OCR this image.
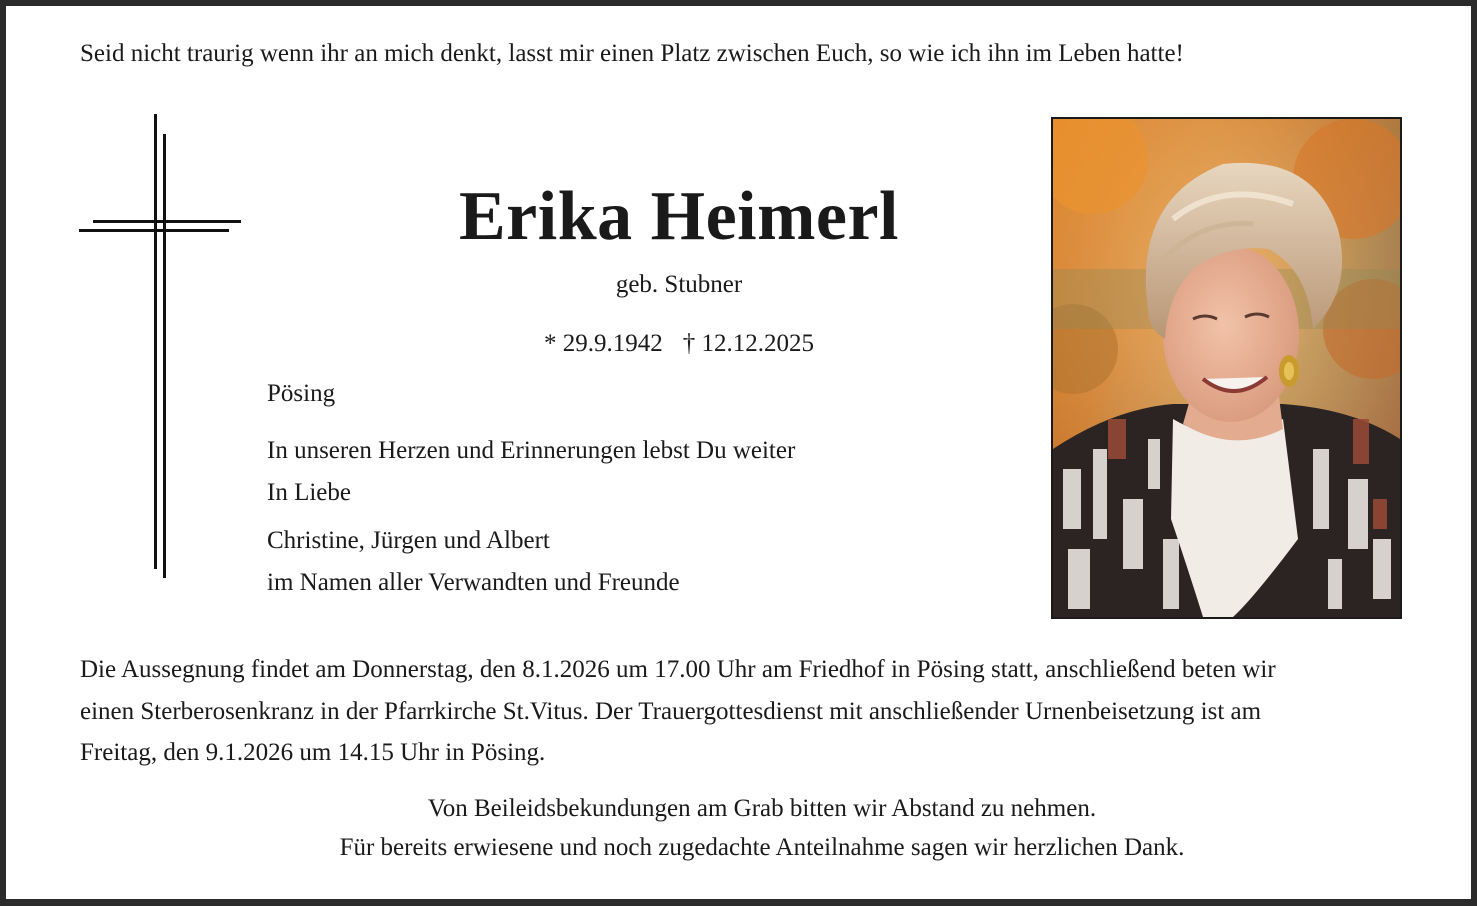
Seid nicht traurig wenn ihr an mich denkt, lasst mir einen Platz zwischen Euch, so wie ich ihn im Leben hatte!
Erika Heimerl
geb. Stubner
* 29.9.1942 † 12.12.2025
Pösing
In unseren Herzen und Erinnerungen lebst Du weiter
In Liebe
Christine, Jürgen und Albert
im Namen aller Verwandten und Freunde
Die Aussegnung findet am Donnerstag, den 8.1.2026 um 17.00 Uhr am Friedhof in Pösing statt, anschließend beten wir
einen Sterberosenkranz in der Pfarrkirche St.Vitus. Der Trauergottesdienst mit anschließender Urnenbeisetzung ist am
Freitag, den 9.1.2026 um 14.15 Uhr in Pösing.
Von Beileidsbekundungen am Grab bitten wir Abstand zu nehmen.
Für bereits erwiesene und noch zugedachte Anteilnahme sagen wir herzlichen Dank.
